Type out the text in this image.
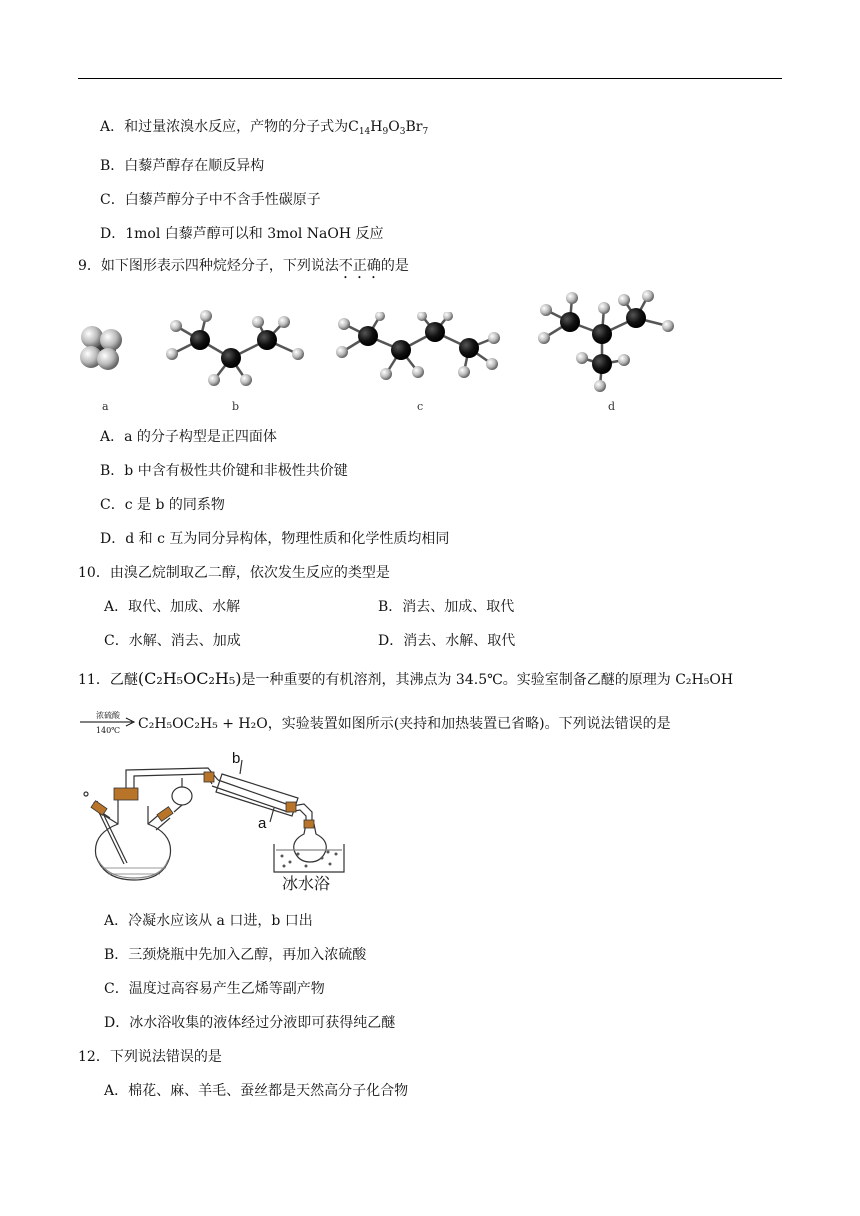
A．和过量浓溴水反应，产物的分子式为$C_{14}H_9O_3Br_7$
B．白藜芦醇存在顺反异构
C．白藜芦醇分子中不含手性碳原子
D．1mol 白藜芦醇可以和 3mol NaOH 反应
9．如下图形表示四种烷烃分子，下列说法不正确的是
a	b	c	d
A．a 的分子构型是正四面体
B．b 中含有极性共价键和非极性共价键
C．c 是 b 的同系物
D．d 和 c 互为同分异构体，物理性质和化学性质均相同
10．由溴乙烷制取乙二醇，依次发生反应的类型是
A．取代、加成、水解	B．消去、加成、取代
C．水解、消去、加成	D．消去、水解、取代
11．乙醚(C₂H₅OC₂H₅)是一种重要的有机溶剂，其沸点为 34.5℃。实验室制备乙醚的原理为 C₂H₅OH
浓硫酸
140℃	C₂H₅OC₂H₅ + H₂O，实验装置如图所示(夹持和加热装置已省略)。下列说法错误的是
b
a
冰水浴
A．冷凝水应该从 a 口进，b 口出
B．三颈烧瓶中先加入乙醇，再加入浓硫酸
C．温度过高容易产生乙烯等副产物
D．冰水浴收集的液体经过分液即可获得纯乙醚
12．下列说法错误的是
A．棉花、麻、羊毛、蚕丝都是天然高分子化合物
